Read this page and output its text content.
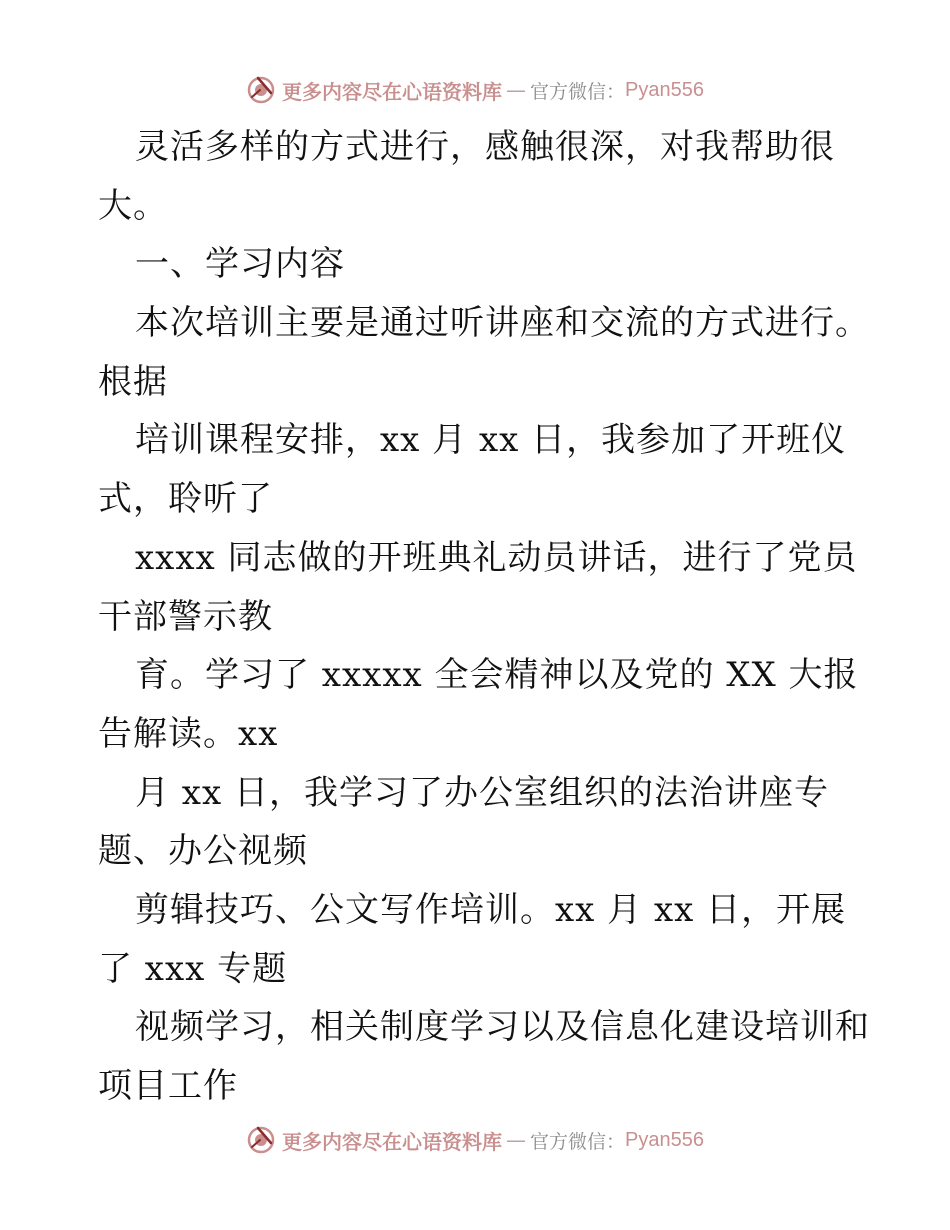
更多内容尽在心语资料库 — 官方微信： Pyan556
灵活多样的方式进行，感触很深，对我帮助很
大。
一、学习内容
本次培训主要是通过听讲座和交流的方式进行。
根据
培训课程安排，xx 月 xx 日，我参加了开班仪
式，聆听了
xxxx 同志做的开班典礼动员讲话，进行了党员
干部警示教
育。学习了 xxxxx 全会精神以及党的 XX 大报
告解读。xx
月 xx 日，我学习了办公室组织的法治讲座专
题、办公视频
剪辑技巧、公文写作培训。xx 月 xx 日，开展
了 xxx 专题
视频学习，相关制度学习以及信息化建设培训和
项目工作
更多内容尽在心语资料库 — 官方微信： Pyan556
